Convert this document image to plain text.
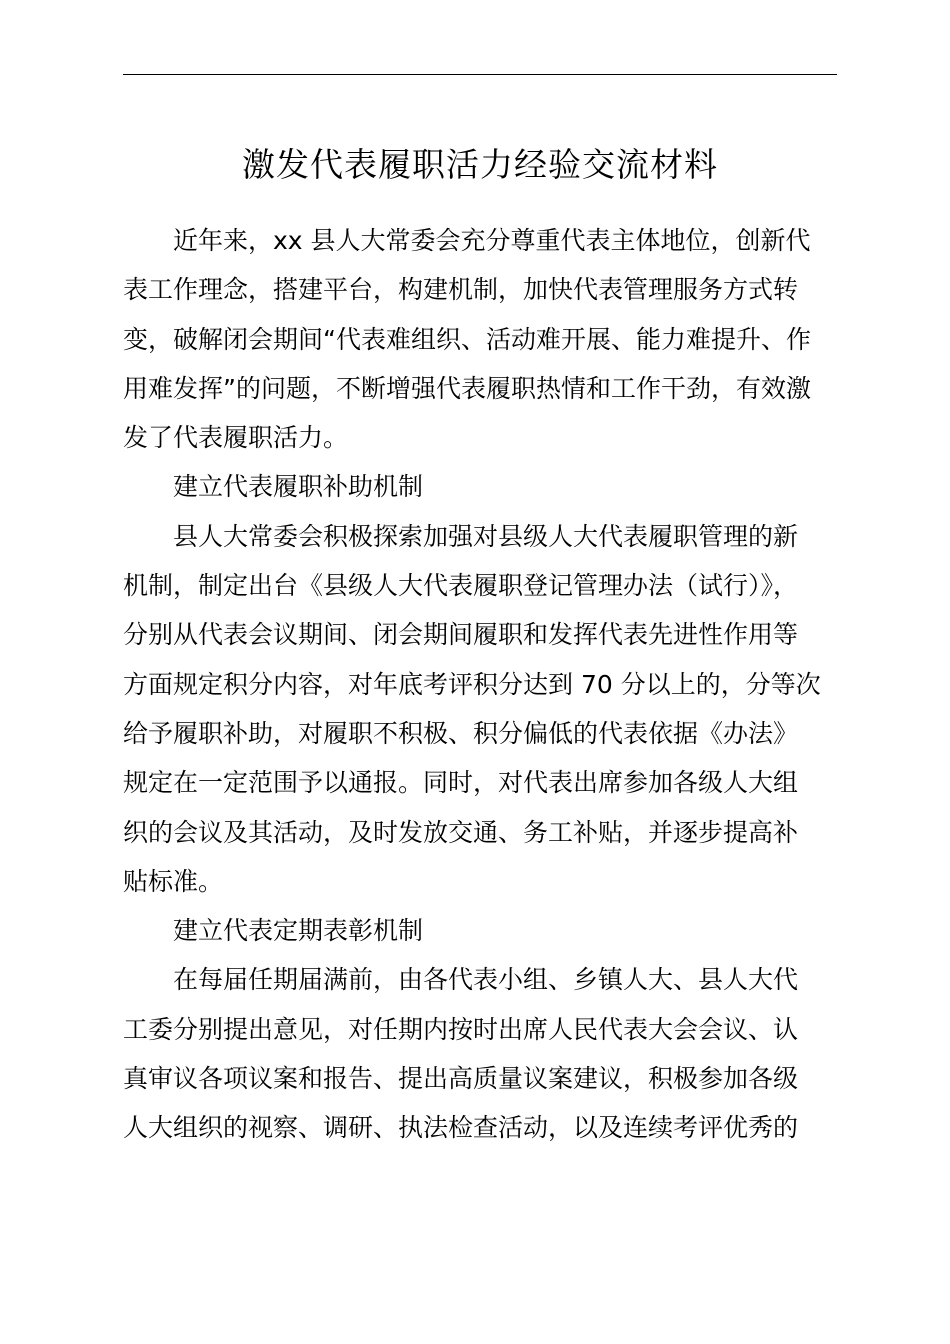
激发代表履职活力经验交流材料
近年来，xx 县人大常委会充分尊重代表主体地位，创新代
表工作理念，搭建平台，构建机制，加快代表管理服务方式转
变，破解闭会期间“代表难组织、活动难开展、能力难提升、作
用难发挥”的问题，不断增强代表履职热情和工作干劲，有效激
发了代表履职活力。
建立代表履职补助机制
县人大常委会积极探索加强对县级人大代表履职管理的新
机制，制定出台《县级人大代表履职登记管理办法（试行）》，
分别从代表会议期间、闭会期间履职和发挥代表先进性作用等
方面规定积分内容，对年底考评积分达到 70 分以上的，分等次
给予履职补助，对履职不积极、积分偏低的代表依据《办法》
规定在一定范围予以通报。同时，对代表出席参加各级人大组
织的会议及其活动，及时发放交通、务工补贴，并逐步提高补
贴标准。
建立代表定期表彰机制
在每届任期届满前，由各代表小组、乡镇人大、县人大代
工委分别提出意见，对任期内按时出席人民代表大会会议、认
真审议各项议案和报告、提出高质量议案建议，积极参加各级
人大组织的视察、调研、执法检查活动，以及连续考评优秀的
